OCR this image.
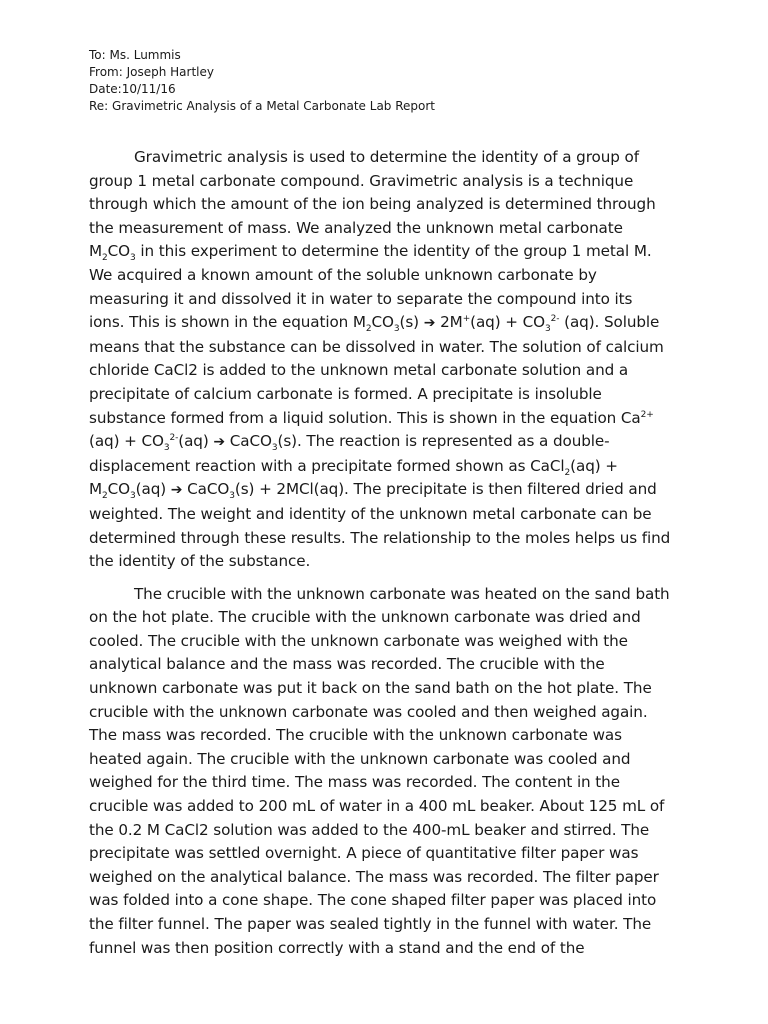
To: Ms. Lummis
From: Joseph Hartley
Date:10/11/16
Re: Gravimetric Analysis of a Metal Carbonate Lab Report

Gravimetric analysis is used to determine the identity of a group of group 1 metal carbonate compound. Gravimetric analysis is a technique through which the amount of the ion being analyzed is determined through the measurement of mass. We analyzed the unknown metal carbonate $M_2CO_3$ in this experiment to determine the identity of the group 1 metal M. We acquired a known amount of the soluble unknown carbonate by measuring it and dissolved it in water to separate the compound into its ions. This is shown in the equation $M_2CO_3(s)$ ➔ $2M^+(aq) + CO_3^{2-}$ (aq). Soluble means that the substance can be dissolved in water. The solution of calcium chloride CaCl2 is added to the unknown metal carbonate solution and a precipitate of calcium carbonate is formed. A precipitate is insoluble substance formed from a liquid solution. This is shown in the equation $Ca^{2+}(aq) + CO_3^{2-}(aq)$ ➔ CaCO$_3$(s). The reaction is represented as a double-displacement reaction with a precipitate formed shown as CaCl$_2$(aq) + $M_2CO_3(aq)$ ➔ CaCO$_3$(s) + 2MCl(aq). The precipitate is then filtered dried and weighted. The weight and identity of the unknown metal carbonate can be determined through these results. The relationship to the moles helps us find the identity of the substance.

The crucible with the unknown carbonate was heated on the sand bath on the hot plate. The crucible with the unknown carbonate was dried and cooled. The crucible with the unknown carbonate was weighed with the analytical balance and the mass was recorded. The crucible with the unknown carbonate was put it back on the sand bath on the hot plate. The crucible with the unknown carbonate was cooled and then weighed again. The mass was recorded. The crucible with the unknown carbonate was heated again. The crucible with the unknown carbonate was cooled and weighed for the third time. The mass was recorded. The content in the crucible was added to 200 mL of water in a 400 mL beaker. About 125 mL of the 0.2 M CaCl2 solution was added to the 400-mL beaker and stirred. The precipitate was settled overnight. A piece of quantitative filter paper was weighed on the analytical balance. The mass was recorded. The filter paper was folded into a cone shape. The cone shaped filter paper was placed into the filter funnel. The paper was sealed tightly in the funnel with water. The funnel was then position correctly with a stand and the end of the
